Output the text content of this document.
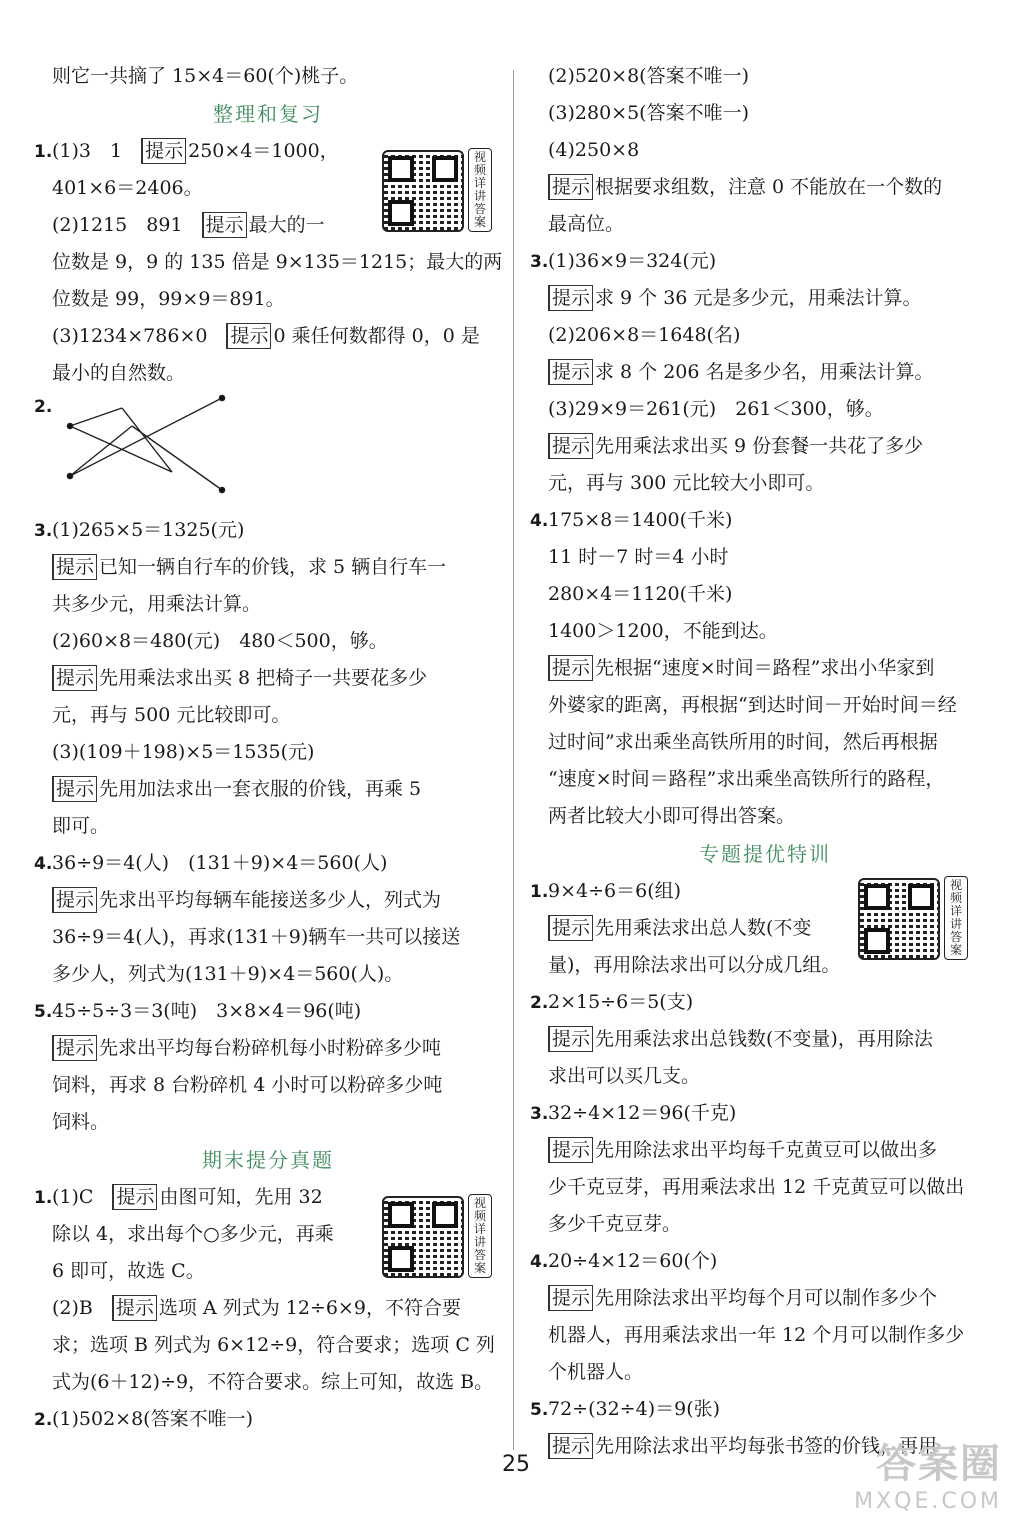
则它一共摘了 15×4＝60(个)桃子。
整理和复习
1.(1)3　1　提示 250×4＝1000，
401×6＝2406。
(2)1215　891　提示 最大的一
位数是 9，9 的 135 倍是 9×135＝1215；最大的两
位数是 99，99×9＝891。
(3)1234×786×0　提示 0 乘任何数都得 0，0 是
最小的自然数。
2.
3.(1)265×5＝1325(元)
提示 已知一辆自行车的价钱，求 5 辆自行车一
共多少元，用乘法计算。
(2)60×8＝480(元)　480＜500，够。
提示 先用乘法求出买 8 把椅子一共要花多少
元，再与 500 元比较即可。
(3)(109＋198)×5＝1535(元)
提示 先用加法求出一套衣服的价钱，再乘 5
即可。
4.36÷9＝4(人)　(131＋9)×4＝560(人)
提示 先求出平均每辆车能接送多少人，列式为
36÷9＝4(人)，再求(131＋9)辆车一共可以接送
多少人，列式为(131＋9)×4＝560(人)。
5.45÷5÷3＝3(吨)　3×8×4＝96(吨)
提示 先求出平均每台粉碎机每小时粉碎多少吨
饲料，再求 8 台粉碎机 4 小时可以粉碎多少吨
饲料。
期末提分真题
1.(1)C　提示 由图可知，先用 32
除以 4，求出每个○多少元，再乘
6 即可，故选 C。
(2)B　提示 选项 A 列式为 12÷6×9，不符合要
求；选项 B 列式为 6×12÷9，符合要求；选项 C 列
式为(6＋12)÷9，不符合要求。综上可知，故选 B。
2.(1)502×8(答案不唯一)
视频详讲答案
视频详讲答案
(2)520×8(答案不唯一)
(3)280×5(答案不唯一)
(4)250×8
提示 根据要求组数，注意 0 不能放在一个数的
最高位。
3.(1)36×9＝324(元)
提示 求 9 个 36 元是多少元，用乘法计算。
(2)206×8＝1648(名)
提示 求 8 个 206 名是多少名，用乘法计算。
(3)29×9＝261(元)　261＜300，够。
提示 先用乘法求出买 9 份套餐一共花了多少
元，再与 300 元比较大小即可。
4.175×8＝1400(千米)
11 时－7 时＝4 小时
280×4＝1120(千米)
1400＞1200，不能到达。
提示 先根据“速度×时间＝路程”求出小华家到
外婆家的距离，再根据“到达时间－开始时间＝经
过时间”求出乘坐高铁所用的时间，然后再根据
“速度×时间＝路程”求出乘坐高铁所行的路程，
两者比较大小即可得出答案。
专题提优特训
1.9×4÷6＝6(组)
提示 先用乘法求出总人数(不变
量)，再用除法求出可以分成几组。
2.2×15÷6＝5(支)
提示 先用乘法求出总钱数(不变量)，再用除法
求出可以买几支。
3.32÷4×12＝96(千克)
提示 先用除法求出平均每千克黄豆可以做出多
少千克豆芽，再用乘法求出 12 千克黄豆可以做出
多少千克豆芽。
4.20÷4×12＝60(个)
提示 先用除法求出平均每个月可以制作多少个
机器人，再用乘法求出一年 12 个月可以制作多少
个机器人。
5.72÷(32÷4)＝9(张)
提示 先用除法求出平均每张书签的价钱，再用
视频详讲答案
25	答案圈
MXQE.COM
